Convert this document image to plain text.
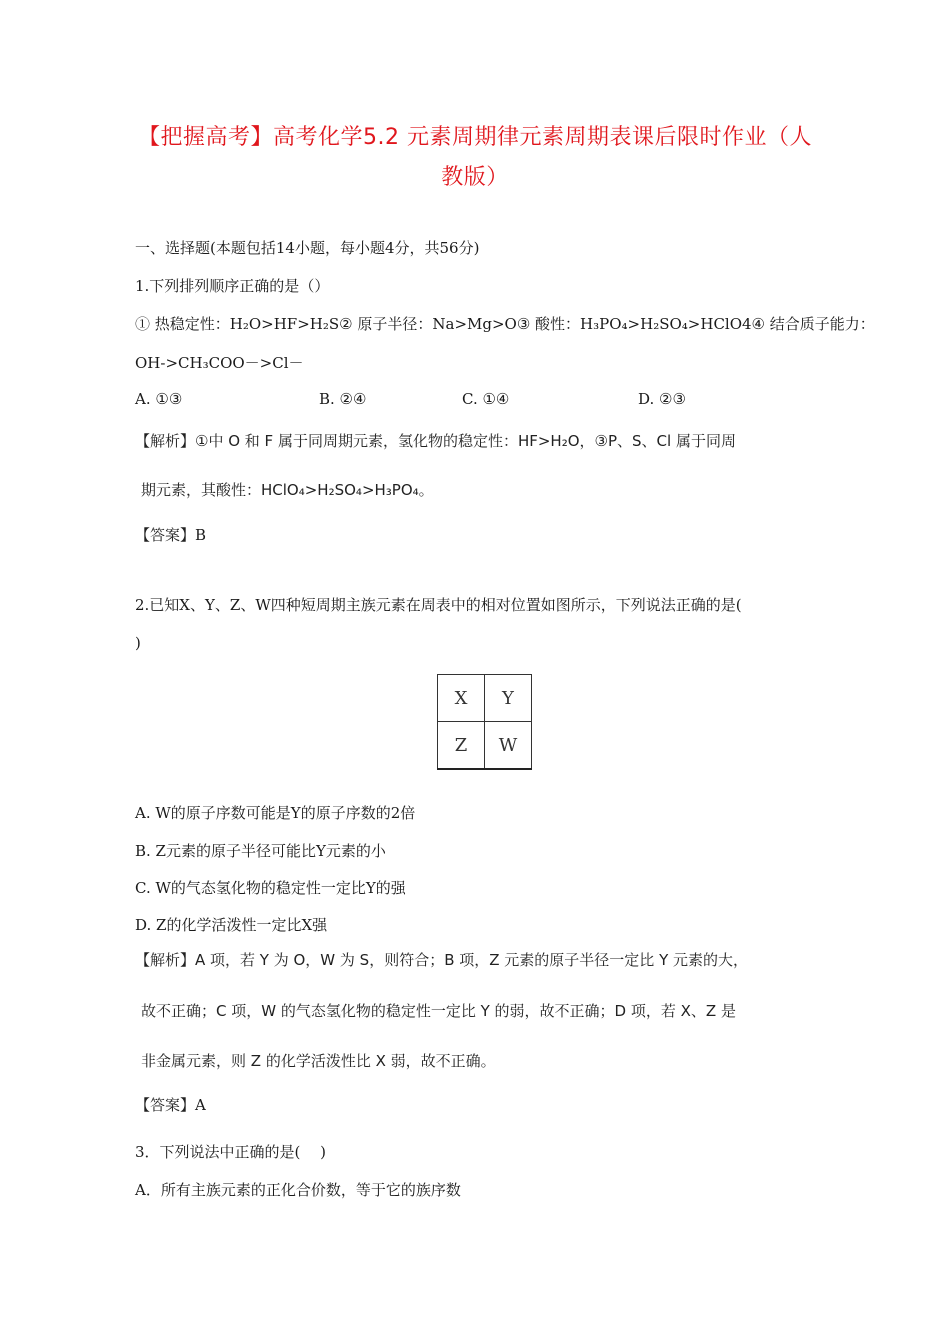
【把握高考】高考化学5.2 元素周期律元素周期表课后限时作业（人
教版）
一、选择题(本题包括14小题，每小题4分，共56分)
1.下列排列顺序正确的是（）
① 热稳定性：H₂O>HF>H₂S② 原子半径：Na>Mg>O③ 酸性：H₃PO₄>H₂SO₄>HClO4④ 结合质子能力：
OH->CH₃COO－>Cl－
A. ①③	B. ②④	C. ①④	D. ②③
【解析】①中 O 和 F 属于同周期元素，氢化物的稳定性：HF>H₂O，③P、S、Cl 属于同周
期元素，其酸性：HClO₄>H₂SO₄>H₃PO₄。
【答案】B
2.已知X、Y、Z、W四种短周期主族元素在周表中的相对位置如图所示，下列说法正确的是(
)
X	Y
Z	W
A. W的原子序数可能是Y的原子序数的2倍
B. Z元素的原子半径可能比Y元素的小
C. W的气态氢化物的稳定性一定比Y的强
D. Z的化学活泼性一定比X强
【解析】A 项，若 Y 为 O，W 为 S，则符合；B 项，Z 元素的原子半径一定比 Y 元素的大，
故不正确；C 项，W 的气态氢化物的稳定性一定比 Y 的弱，故不正确；D 项，若 X、Z 是
非金属元素，则 Z 的化学活泼性比 X 弱，故不正确。
【答案】A
3．下列说法中正确的是(　 )
A．所有主族元素的正化合价数，等于它的族序数
